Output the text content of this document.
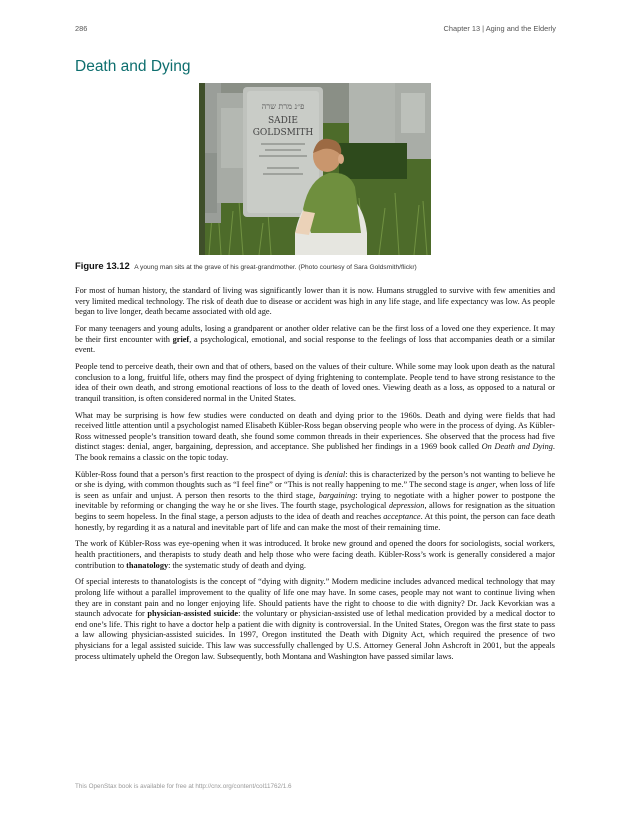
286	Chapter 13 | Aging and the Elderly
Death and Dying
פ״נ מרת שרה
SADIE
GOLDSMITH
Figure 13.12 A young man sits at the grave of his great-grandmother. (Photo courtesy of Sara Goldsmith/flickr)

For most of human history, the standard of living was significantly lower than it is now. Humans struggled to survive with few amenities and very limited medical technology. The risk of death due to disease or accident was high in any life stage, and life expectancy was low. As people began to live longer, death became associated with old age.

For many teenagers and young adults, losing a grandparent or another older relative can be the first loss of a loved one they experience. It may be their first encounter with grief, a psychological, emotional, and social response to the feelings of loss that accompanies death or a similar event.

People tend to perceive death, their own and that of others, based on the values of their culture. While some may look upon death as the natural conclusion to a long, fruitful life, others may find the prospect of dying frightening to contemplate. People tend to have strong resistance to the idea of their own death, and strong emotional reactions of loss to the death of loved ones. Viewing death as a loss, as opposed to a natural or tranquil transition, is often considered normal in the United States.

What may be surprising is how few studies were conducted on death and dying prior to the 1960s. Death and dying were fields that had received little attention until a psychologist named Elisabeth Kübler-Ross began observing people who were in the process of dying. As Kübler-Ross witnessed people’s transition toward death, she found some common threads in their experiences. She observed that the process had five distinct stages: denial, anger, bargaining, depression, and acceptance. She published her findings in a 1969 book called On Death and Dying. The book remains a classic on the topic today.

Kübler-Ross found that a person’s first reaction to the prospect of dying is denial: this is characterized by the person’s not wanting to believe he or she is dying, with common thoughts such as “I feel fine” or “This is not really happening to me.” The second stage is anger, when loss of life is seen as unfair and unjust. A person then resorts to the third stage, bargaining: trying to negotiate with a higher power to postpone the inevitable by reforming or changing the way he or she lives. The fourth stage, psychological depression, allows for resignation as the situation begins to seem hopeless. In the final stage, a person adjusts to the idea of death and reaches acceptance. At this point, the person can face death honestly, by regarding it as a natural and inevitable part of life and can make the most of their remaining time.

The work of Kübler-Ross was eye-opening when it was introduced. It broke new ground and opened the doors for sociologists, social workers, health practitioners, and therapists to study death and help those who were facing death. Kübler-Ross’s work is generally considered a major contribution to thanatology: the systematic study of death and dying.

Of special interests to thanatologists is the concept of “dying with dignity.” Modern medicine includes advanced medical technology that may prolong life without a parallel improvement to the quality of life one may have. In some cases, people may not want to continue living when they are in constant pain and no longer enjoying life. Should patients have the right to choose to die with dignity? Dr. Jack Kevorkian was a staunch advocate for physician-assisted suicide: the voluntary or physician-assisted use of lethal medication provided by a medical doctor to end one’s life. This right to have a doctor help a patient die with dignity is controversial. In the United States, Oregon was the first state to pass a law allowing physician-assisted suicides. In 1997, Oregon instituted the Death with Dignity Act, which required the presence of two physicians for a legal assisted suicide. This law was successfully challenged by U.S. Attorney General John Ashcroft in 2001, but the appeals process ultimately upheld the Oregon law. Subsequently, both Montana and Washington have passed similar laws.

This OpenStax book is available for free at http://cnx.org/content/col11762/1.6
